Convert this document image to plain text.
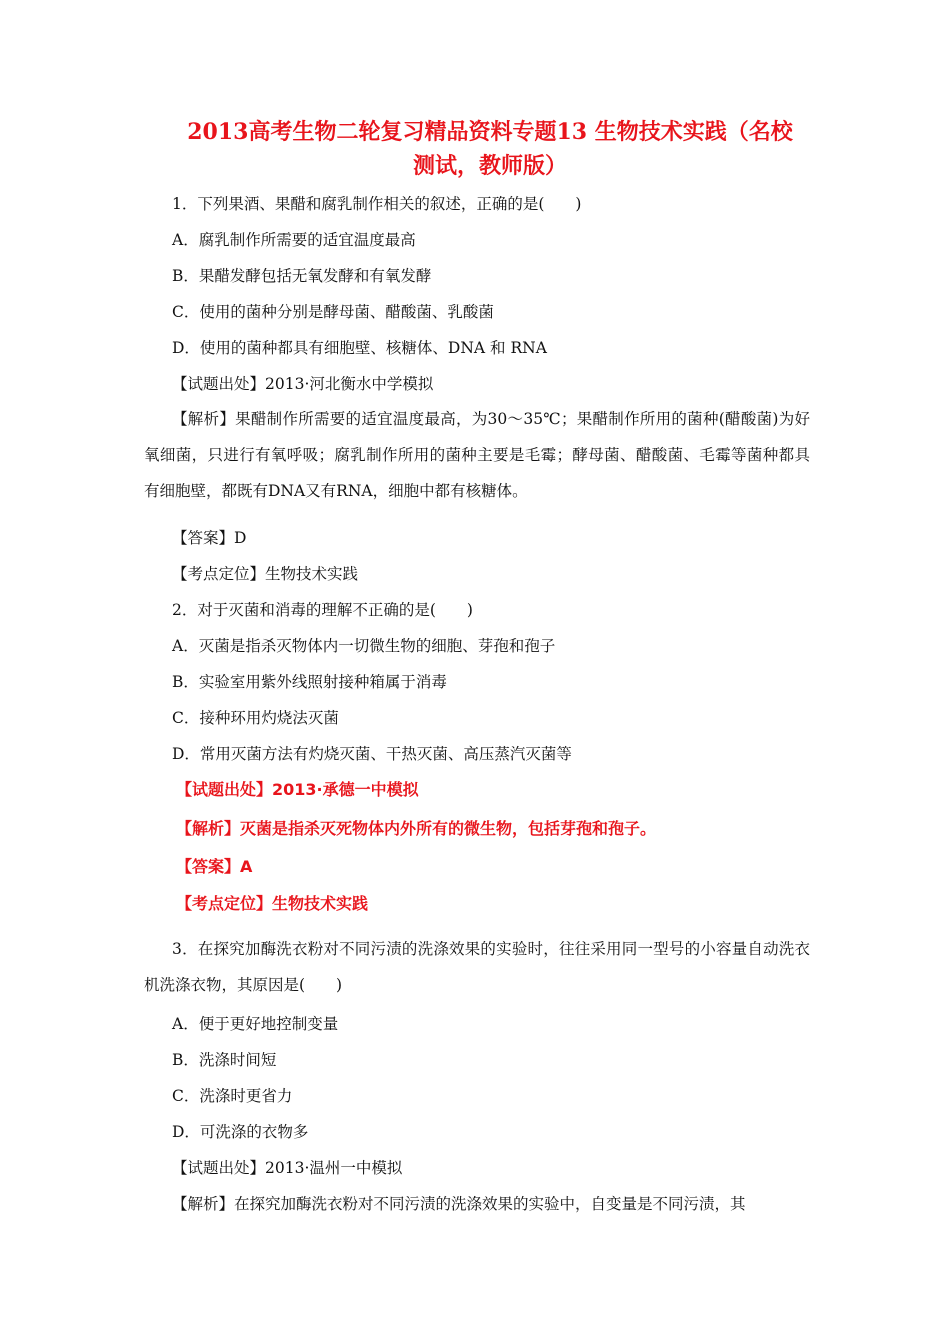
2013高考生物二轮复习精品资料专题13 生物技术实践（名校
测试，教师版）
1．下列果酒、果醋和腐乳制作相关的叙述，正确的是(　　)
A．腐乳制作所需要的适宜温度最高
B．果醋发酵包括无氧发酵和有氧发酵
C．使用的菌种分别是酵母菌、醋酸菌、乳酸菌
D．使用的菌种都具有细胞壁、核糖体、DNA 和 RNA
【试题出处】2013·河北衡水中学模拟
【解析】果醋制作所需要的适宜温度最高，为30～35℃；果醋制作所用的菌种(醋酸菌)为好氧细菌，只进行有氧呼吸；腐乳制作所用的菌种主要是毛霉；酵母菌、醋酸菌、毛霉等菌种都具有细胞壁，都既有DNA又有RNA，细胞中都有核糖体。
【答案】D
【考点定位】生物技术实践
2．对于灭菌和消毒的理解不正确的是(　　)
A．灭菌是指杀灭物体内一切微生物的细胞、芽孢和孢子
B．实验室用紫外线照射接种箱属于消毒
C．接种环用灼烧法灭菌
D．常用灭菌方法有灼烧灭菌、干热灭菌、高压蒸汽灭菌等
【试题出处】2013·承德一中模拟
【解析】灭菌是指杀灭死物体内外所有的微生物，包括芽孢和孢子。
【答案】A
【考点定位】生物技术实践
3．在探究加酶洗衣粉对不同污渍的洗涤效果的实验时，往往采用同一型号的小容量自动洗衣机洗涤衣物，其原因是(　　)
A．便于更好地控制变量
B．洗涤时间短
C．洗涤时更省力
D．可洗涤的衣物多
【试题出处】2013·温州一中模拟
【解析】在探究加酶洗衣粉对不同污渍的洗涤效果的实验中，自变量是不同污渍，其
